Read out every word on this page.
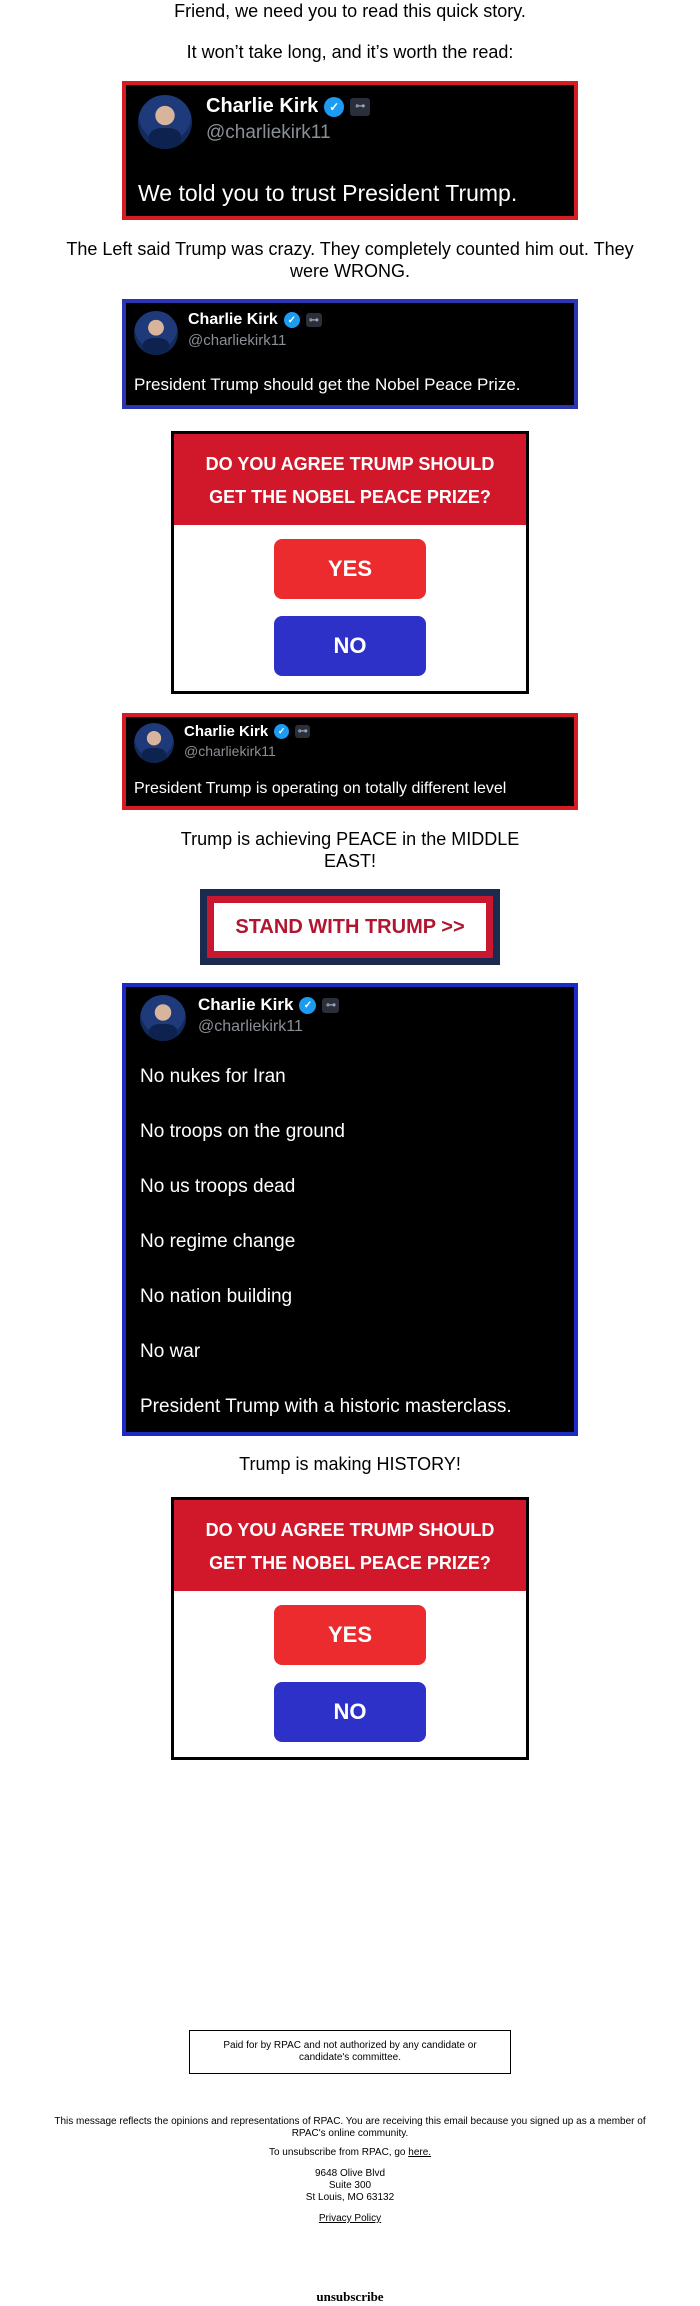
Friend, we need you to read this quick story.
It won’t take long, and it’s worth the read:
Charlie Kirk ✓	⊶
@charliekirk11
We told you to trust President Trump.
The Left said Trump was crazy. They completely counted him out. They were WRONG.
Charlie Kirk ✓	⊶
@charliekirk11
President Trump should get the Nobel Peace Prize.
DO YOU AGREE TRUMP SHOULD GET THE NOBEL PEACE PRIZE?
YES
NO
Charlie Kirk	✓	⊶
@charliekirk11
President Trump is operating on totally different level
Trump is achieving PEACE in the MIDDLE EAST!
STAND WITH TRUMP >>
Charlie Kirk	✓	⊶
@charliekirk11
No nukes for Iran
No troops on the ground
No us troops dead
No regime change
No nation building
No war
President Trump with a historic masterclass.
Trump is making HISTORY!
DO YOU AGREE TRUMP SHOULD GET THE NOBEL PEACE PRIZE?
YES
NO
Paid for by RPAC and not authorized by any candidate or candidate's committee.
This message reflects the opinions and representations of RPAC. You are receiving this email because you signed up as a member of RPAC's online community.
To unsubscribe from RPAC, go here.
9648 Olive Blvd
Suite 300
St Louis, MO 63132
Privacy Policy
unsubscribe
